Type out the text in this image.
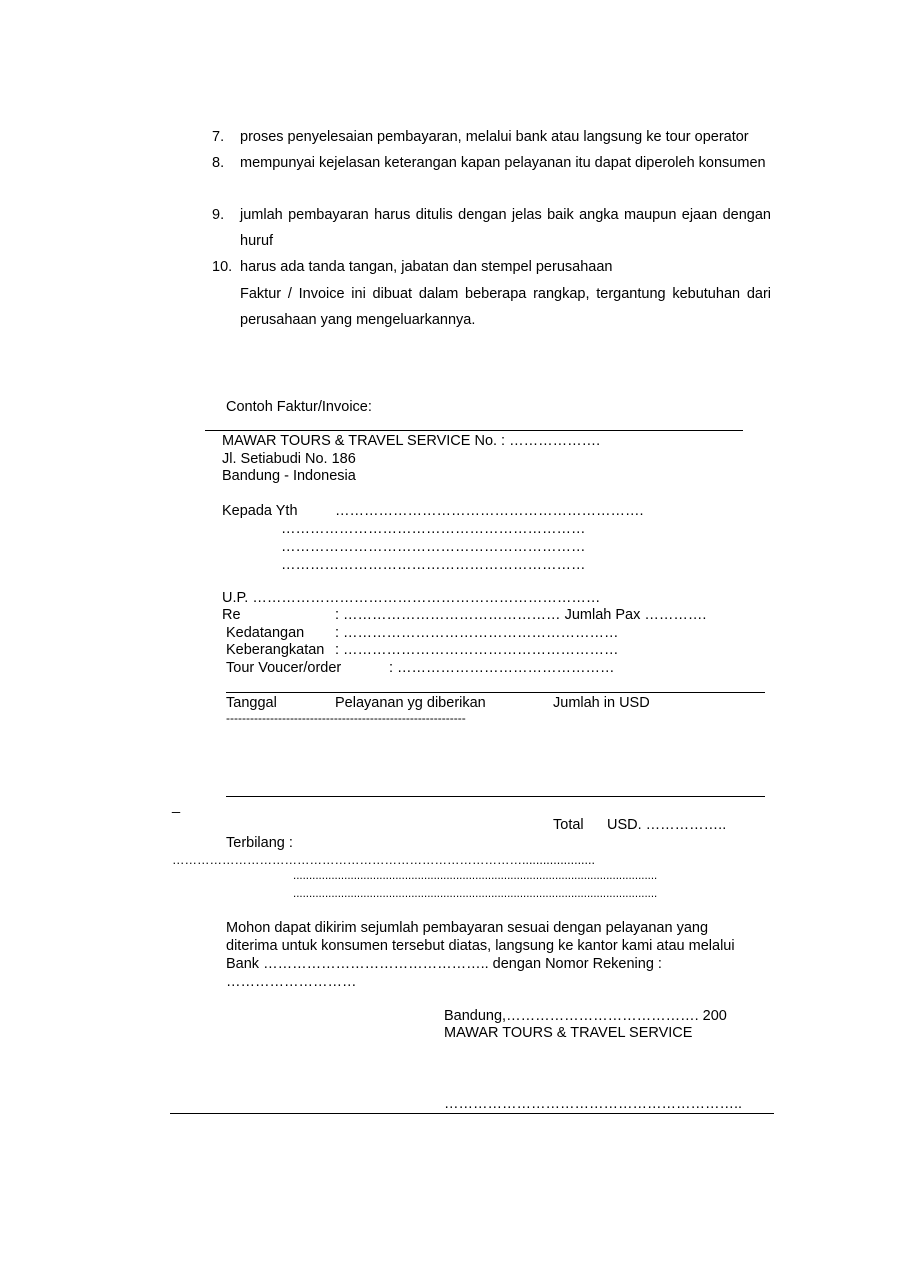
7. proses penyelesaian pembayaran, melalui bank atau langsung ke tour operator
8. mempunyai kejelasan keterangan kapan pelayanan itu dapat diperoleh konsumen
9. jumlah pembayaran harus ditulis dengan jelas baik angka maupun ejaan dengan huruf
10. harus ada tanda tangan, jabatan dan stempel perusahaan
Faktur / Invoice ini dibuat dalam beberapa rangkap, tergantung kebutuhan dari perusahaan yang mengeluarkannya.
Contoh Faktur/Invoice:
MAWAR TOURS & TRAVEL SERVICE No. : ……………….
Jl. Setiabudi No. 186
Bandung - Indonesia
Kepada Yth	……………………………………………………….
………………………………………………………
………………………………………………………
………………………………………………………
U.P. ………………………………………………………………
Re	: ……………………………………… Jumlah Pax ………….
Kedatangan : …………………………………………………
Keberangkatan : …………………………………………………
Tour Voucer/order	: ………………………………………
Tanggal	Pelayanan yg diberikan	Jumlah in USD
------------------------------------------------------------
_
Total USD. ……………..
Terbilang :
………………………………………………………………………….....................
..................................................................................................................
..................................................................................................................
Mohon dapat dikirim sejumlah pembayaran sesuai dengan pelayanan yang
diterima untuk konsumen tersebut diatas, langsung ke kantor kami atau melalui
Bank ……………………………………….. dengan Nomor Rekening :
………………………
Bandung,…………………………………. 200
MAWAR TOURS & TRAVEL SERVICE
……………………………………………………..
